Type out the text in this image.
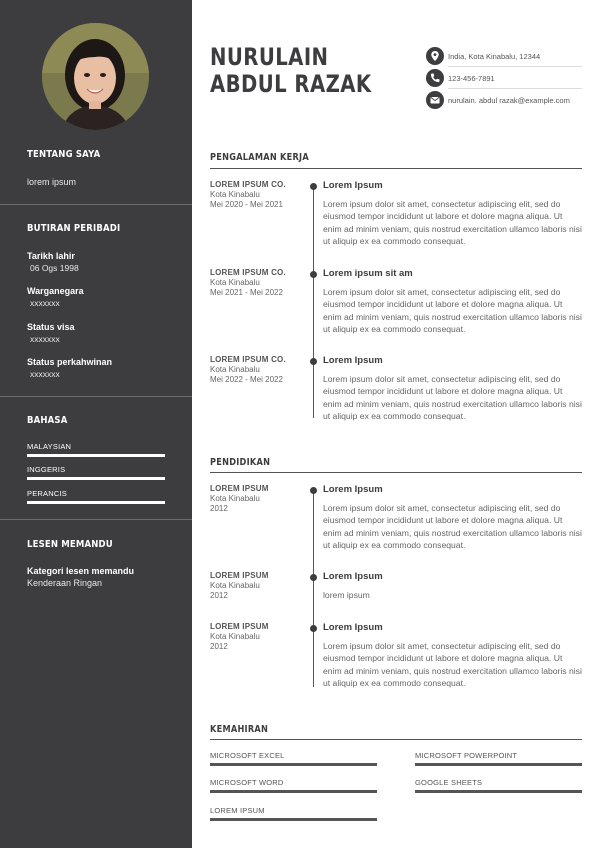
TENTANG SAYA
lorem ipsum
BUTIRAN PERIBADI
Tarikh lahir
06 Ogs 1998
Warganegara
xxxxxxx
Status visa
xxxxxxx
Status perkahwinan
xxxxxxx
BAHASA
MALAYSIAN
INGGERIS
PERANCIS
LESEN MEMANDU
Kategori lesen memandu
Kenderaan Ringan
NURULAIN
ABDUL RAZAK
India, Kota Kinabalu, 12344
123-456-7891
nurulain. abdul razak@example.com
PENGALAMAN KERJA
LOREM IPSUM CO.
Kota Kinabalu
Mei 2020 - Mei 2021
Lorem Ipsum
Lorem ipsum dolor sit amet, consectetur adipiscing elit, sed do eiusmod tempor incididunt ut labore et dolore magna aliqua. Ut enim ad minim veniam, quis nostrud exercitation ullamco laboris nisi ut aliquip ex ea commodo consequat.
LOREM IPSUM CO.
Kota Kinabalu
Mei 2021 - Mei 2022
Lorem ipsum sit am
Lorem ipsum dolor sit amet, consectetur adipiscing elit, sed do eiusmod tempor incididunt ut labore et dolore magna aliqua. Ut enim ad minim veniam, quis nostrud exercitation ullamco laboris nisi ut aliquip ex ea commodo consequat.
LOREM IPSUM CO.
Kota Kinabalu
Mei 2022 - Mei 2022
Lorem Ipsum
Lorem ipsum dolor sit amet, consectetur adipiscing elit, sed do eiusmod tempor incididunt ut labore et dolore magna aliqua. Ut enim ad minim veniam, quis nostrud exercitation ullamco laboris nisi ut aliquip ex ea commodo consequat.
PENDIDIKAN
LOREM IPSUM
Kota Kinabalu
2012
Lorem Ipsum
Lorem ipsum dolor sit amet, consectetur adipiscing elit, sed do eiusmod tempor incididunt ut labore et dolore magna aliqua. Ut enim ad minim veniam, quis nostrud exercitation ullamco laboris nisi ut aliquip ex ea commodo consequat.
LOREM IPSUM
Kota Kinabalu
2012
Lorem Ipsum
lorem ipsum
LOREM IPSUM
Kota Kinabalu
2012
Lorem Ipsum
Lorem ipsum dolor sit amet, consectetur adipiscing elit, sed do eiusmod tempor incididunt ut labore et dolore magna aliqua. Ut enim ad minim veniam, quis nostrud exercitation ullamco laboris nisi ut aliquip ex ea commodo consequat.
KEMAHIRAN
MICROSOFT EXCEL	MICROSOFT POWERPOINT
MICROSOFT WORD	GOOGLE SHEETS
LOREM IPSUM
